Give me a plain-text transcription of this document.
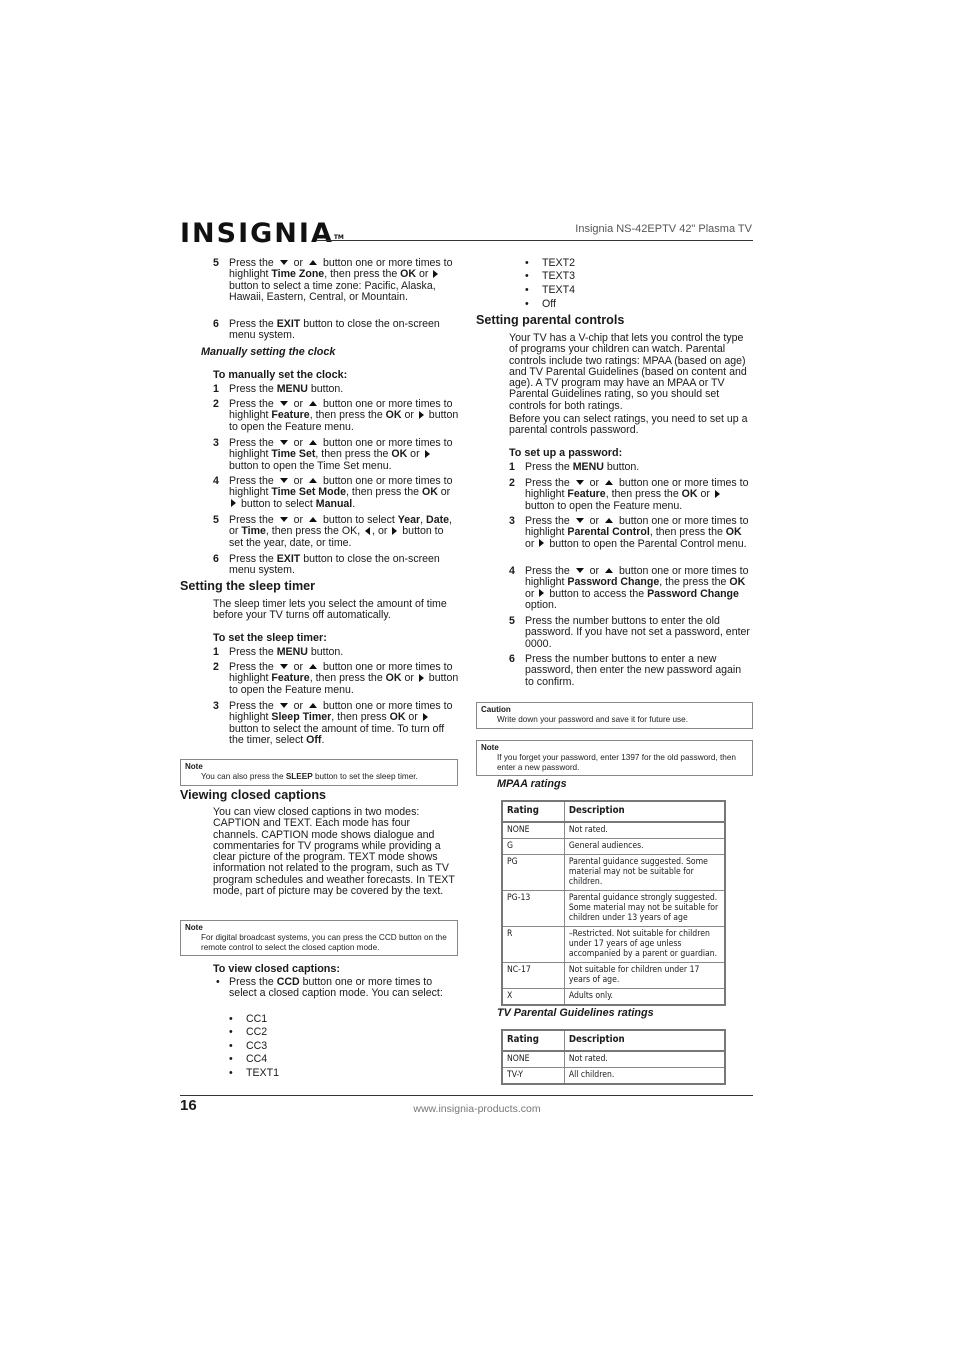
INSIGNIA™
Insignia NS-42EPTV 42" Plasma TV
5 Press the  or  button one or more times to highlight Time Zone, then press the OK or  button to select a time zone: Pacific, Alaska, Hawaii, Eastern, Central, or Mountain.
6 Press the EXIT button to close the on-screen menu system.
Manually setting the clock
To manually set the clock:
1 Press the MENU button.
2 Press the  or  button one or more times to highlight Feature, then press the OK or  button to open the Feature menu.
3 Press the  or  button one or more times to highlight Time Set, then press the OK or  button to open the Time Set menu.
4 Press the  or  button one or more times to highlight Time Set Mode, then press the OK or  button to select Manual.
5 Press the  or  button to select Year, Date, or Time, then press the OK, , or  button to set the year, date, or time.
6 Press the EXIT button to close the on-screen menu system.
Setting the sleep timer
The sleep timer lets you select the amount of time before your TV turns off automatically.
To set the sleep timer:
1 Press the MENU button.
2 Press the  or  button one or more times to highlight Feature, then press the OK or  button to open the Feature menu.
3 Press the  or  button one or more times to highlight Sleep Timer, then press OK or  button to select the amount of time. To turn off the timer, select Off.
Note
You can also press the SLEEP button to set the sleep timer.
Viewing closed captions
You can view closed captions in two modes: CAPTION and TEXT. Each mode has four channels. CAPTION mode shows dialogue and commentaries for TV programs while providing a clear picture of the program. TEXT mode shows information not related to the program, such as TV program schedules and weather forecasts. In TEXT mode, part of picture may be covered by the text.
Note
For digital broadcast systems, you can press the CCD button on the remote control to select the closed caption mode.
To view closed captions:
• Press the CCD button one or more times to select a closed caption mode. You can select:
• CC1
• CC2
• CC3
• CC4
• TEXT1
• TEXT2
• TEXT3
• TEXT4
• Off
Setting parental controls
Your TV has a V-chip that lets you control the type of programs your children can watch. Parental controls include two ratings: MPAA (based on age) and TV Parental Guidelines (based on content and age). A TV program may have an MPAA or TV Parental Guidelines rating, so you should set controls for both ratings.
Before you can select ratings, you need to set up a parental controls password.
To set up a password:
1 Press the MENU button.
2 Press the  or  button one or more times to highlight Feature, then press the OK or  button to open the Feature menu.
3 Press the  or  button one or more times to highlight Parental Control, then press the OK or  button to open the Parental Control menu.
4 Press the  or  button one or more times to highlight Password Change, the press the OK or  button to access the Password Change option.
5 Press the number buttons to enter the old password. If you have not set a password, enter 0000.
6 Press the number buttons to enter a new password, then enter the new password again to confirm.
Caution
Write down your password and save it for future use.
Note
If you forget your password, enter 1397 for the old password, then enter a new password.
MPAA ratings
Rating	Description
NONE	Not rated.
G	General audiences.
PG	Parental guidance suggested. Some material may not be suitable for children.
PG-13	Parental guidance strongly suggested. Some material may not be suitable for children under 13 years of age
R	–Restricted. Not suitable for children under 17 years of age unless accompanied by a parent or guardian.
NC-17	Not suitable for children under 17 years of age.
X	Adults only.
TV Parental Guidelines ratings
Rating	Description
NONE	Not rated.
TV-Y	All children.
16	www.insignia-products.com
